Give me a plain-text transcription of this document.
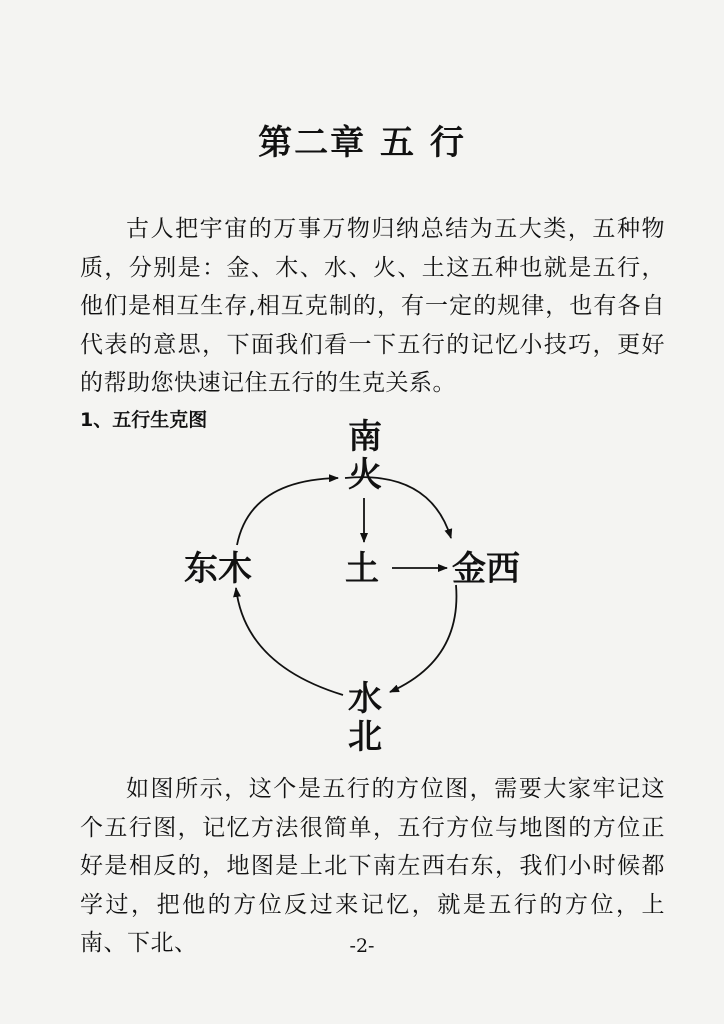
第二章 五 行
古人把宇宙的万事万物归纳总结为五大类，五种物质，分别是：金、木、水、火、土这五种也就是五行，他们是相互生存,相互克制的，有一定的规律，也有各自代表的意思，下面我们看一下五行的记忆小技巧，更好的帮助您快速记住五行的生克关系。
1、五行生克图	南
火
土 金西
东木
水
北
如图所示，这个是五行的方位图，需要大家牢记这个五行图，记忆方法很简单，五行方位与地图的方位正好是相反的，地图是上北下南左西右东，我们小时候都学过，把他的方位反过来记忆，就是五行的方位，上南、下北、	-2-
